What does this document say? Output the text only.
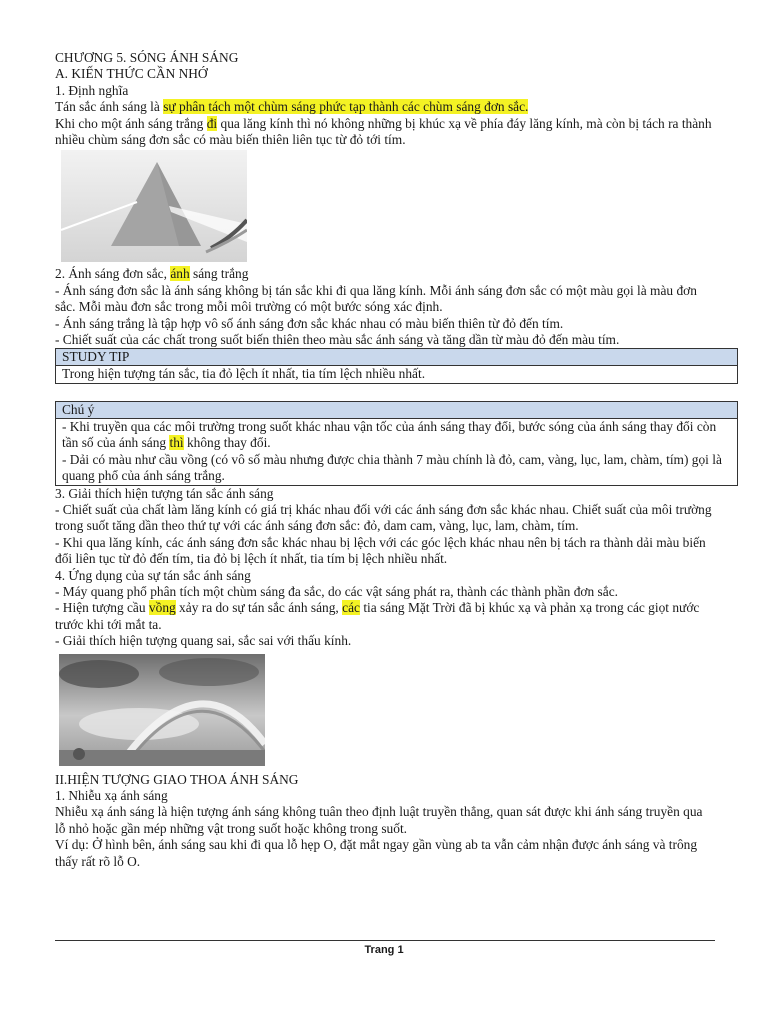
CHƯƠNG 5. SÓNG ÁNH SÁNG

A. KIẾN THỨC CẦN NHỚ

1. Định nghĩa

Tán sắc ánh sáng là sự phân tách một chùm sáng phức tạp thành các chùm sáng đơn sắc.

Khi cho một ánh sáng trắng đi qua lăng kính thì nó không những bị khúc xạ về phía đáy lăng kính, mà còn bị tách ra thành nhiều chùm sáng đơn sắc có màu biến thiên liên tục từ đỏ tới tím.

2. Ánh sáng đơn sắc, ánh sáng trắng

- Ánh sáng đơn sắc là ánh sáng không bị tán sắc khi đi qua lăng kính. Mỗi ánh sáng đơn sắc có một màu gọi là màu đơn sắc. Mỗi màu đơn sắc trong mỗi môi trường có một bước sóng xác định.

- Ánh sáng trắng là tập hợp vô số ánh sáng đơn sắc khác nhau có màu biến thiên từ đỏ đến tím.

- Chiết suất của các chất trong suốt biến thiên theo màu sắc ánh sáng và tăng dần từ màu đỏ đến màu tím.

STUDY TIP
Trong hiện tượng tán sắc, tia đỏ lệch ít nhất, tia tím lệch nhiều nhất.
Chú ý

- Khi truyền qua các môi trường trong suốt khác nhau vận tốc của ánh sáng thay đổi, bước sóng của ánh sáng thay đổi còn tần số của ánh sáng thì không thay đổi.

- Dải có màu như cầu vồng (có vô số màu nhưng được chia thành 7 màu chính là đỏ, cam, vàng, lục, lam, chàm, tím) gọi là quang phổ của ánh sáng trắng.

3. Giải thích hiện tượng tán sắc ánh sáng

- Chiết suất của chất làm lăng kính có giá trị khác nhau đối với các ánh sáng đơn sắc khác nhau. Chiết suất của môi trường trong suốt tăng dần theo thứ tự với các ánh sáng đơn sắc: đỏ, dam cam, vàng, lục, lam, chàm, tím.

- Khi qua lăng kính, các ánh sáng đơn sắc khác nhau bị lệch với các góc lệch khác nhau nên bị tách ra thành dải màu biến đổi liên tục từ đỏ đến tím, tia đỏ bị lệch ít nhất, tia tím bị lệch nhiều nhất.

4. Ứng dụng của sự tán sắc ánh sáng

- Máy quang phổ phân tích một chùm sáng đa sắc, do các vật sáng phát ra, thành các thành phần đơn sắc.

- Hiện tượng cầu vồng xảy ra do sự tán sắc ánh sáng, các tia sáng Mặt Trời đã bị khúc xạ và phản xạ trong các giọt nước trước khi tới mắt ta.

- Giải thích hiện tượng quang sai, sắc sai với thấu kính.

II.HIỆN TƯỢNG GIAO THOA ÁNH SÁNG

1. Nhiễu xạ ánh sáng

Nhiễu xạ ánh sáng là hiện tượng ánh sáng không tuân theo định luật truyền thẳng, quan sát được khi ánh sáng truyền qua lỗ nhỏ hoặc gần mép những vật trong suốt hoặc không trong suốt.

Ví dụ: Ở hình bên, ánh sáng sau khi đi qua lỗ hẹp O, đặt mắt ngay gần vùng ab ta vẫn cảm nhận được ánh sáng và trông thấy rất rõ lỗ O.

Trang 1
